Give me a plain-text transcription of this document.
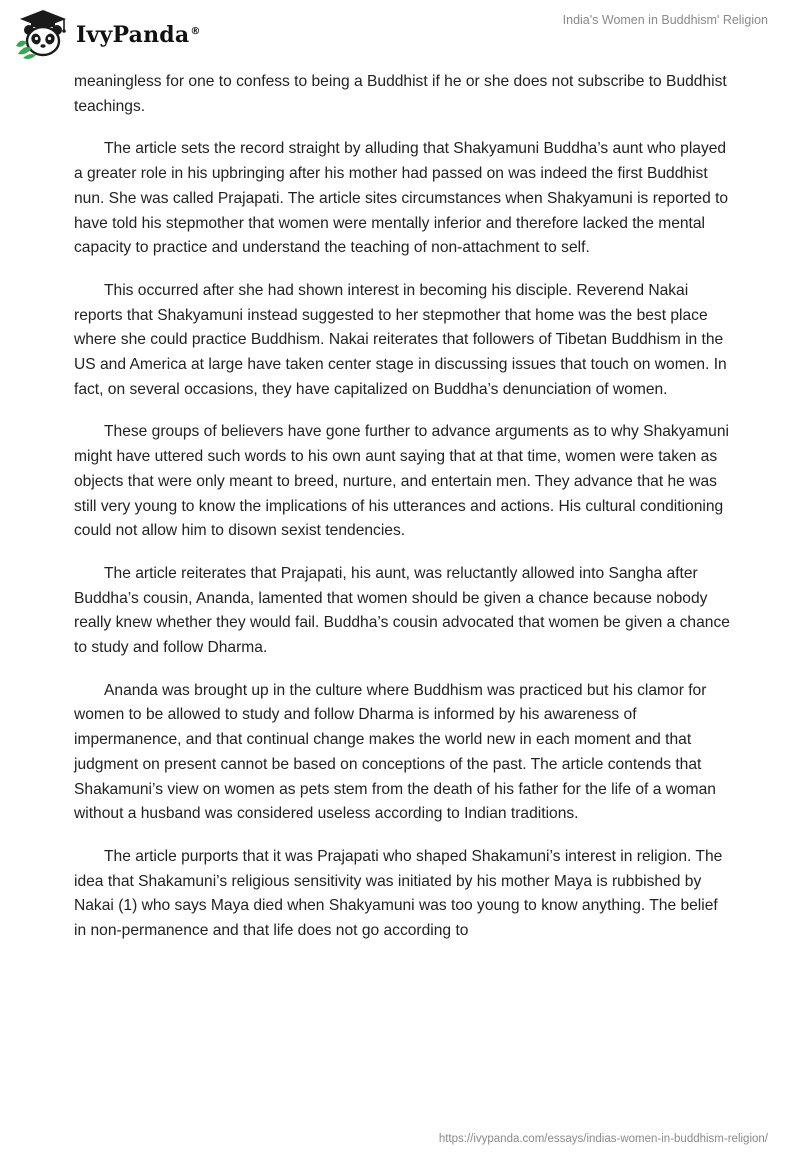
IvyPanda®
India's Women in Buddhism' Religion

meaningless for one to confess to being a Buddhist if he or she does not subscribe to Buddhist teachings.

The article sets the record straight by alluding that Shakyamuni Buddha’s aunt who played a greater role in his upbringing after his mother had passed on was indeed the first Buddhist nun. She was called Prajapati. The article sites circumstances when Shakyamuni is reported to have told his stepmother that women were mentally inferior and therefore lacked the mental capacity to practice and understand the teaching of non-attachment to self.

This occurred after she had shown interest in becoming his disciple. Reverend Nakai reports that Shakyamuni instead suggested to her stepmother that home was the best place where she could practice Buddhism. Nakai reiterates that followers of Tibetan Buddhism in the US and America at large have taken center stage in discussing issues that touch on women. In fact, on several occasions, they have capitalized on Buddha’s denunciation of women.

These groups of believers have gone further to advance arguments as to why Shakyamuni might have uttered such words to his own aunt saying that at that time, women were taken as objects that were only meant to breed, nurture, and entertain men. They advance that he was still very young to know the implications of his utterances and actions. His cultural conditioning could not allow him to disown sexist tendencies.

The article reiterates that Prajapati, his aunt, was reluctantly allowed into Sangha after Buddha’s cousin, Ananda, lamented that women should be given a chance because nobody really knew whether they would fail. Buddha’s cousin advocated that women be given a chance to study and follow Dharma.

Ananda was brought up in the culture where Buddhism was practiced but his clamor for women to be allowed to study and follow Dharma is informed by his awareness of impermanence, and that continual change makes the world new in each moment and that judgment on present cannot be based on conceptions of the past. The article contends that Shakamuni’s view on women as pets stem from the death of his father for the life of a woman without a husband was considered useless according to Indian traditions.

The article purports that it was Prajapati who shaped Shakamuni’s interest in religion. The idea that Shakamuni’s religious sensitivity was initiated by his mother Maya is rubbished by Nakai (1) who says Maya died when Shakyamuni was too young to know anything. The belief in non-permanence and that life does not go according to

https://ivypanda.com/essays/indias-women-in-buddhism-religion/
